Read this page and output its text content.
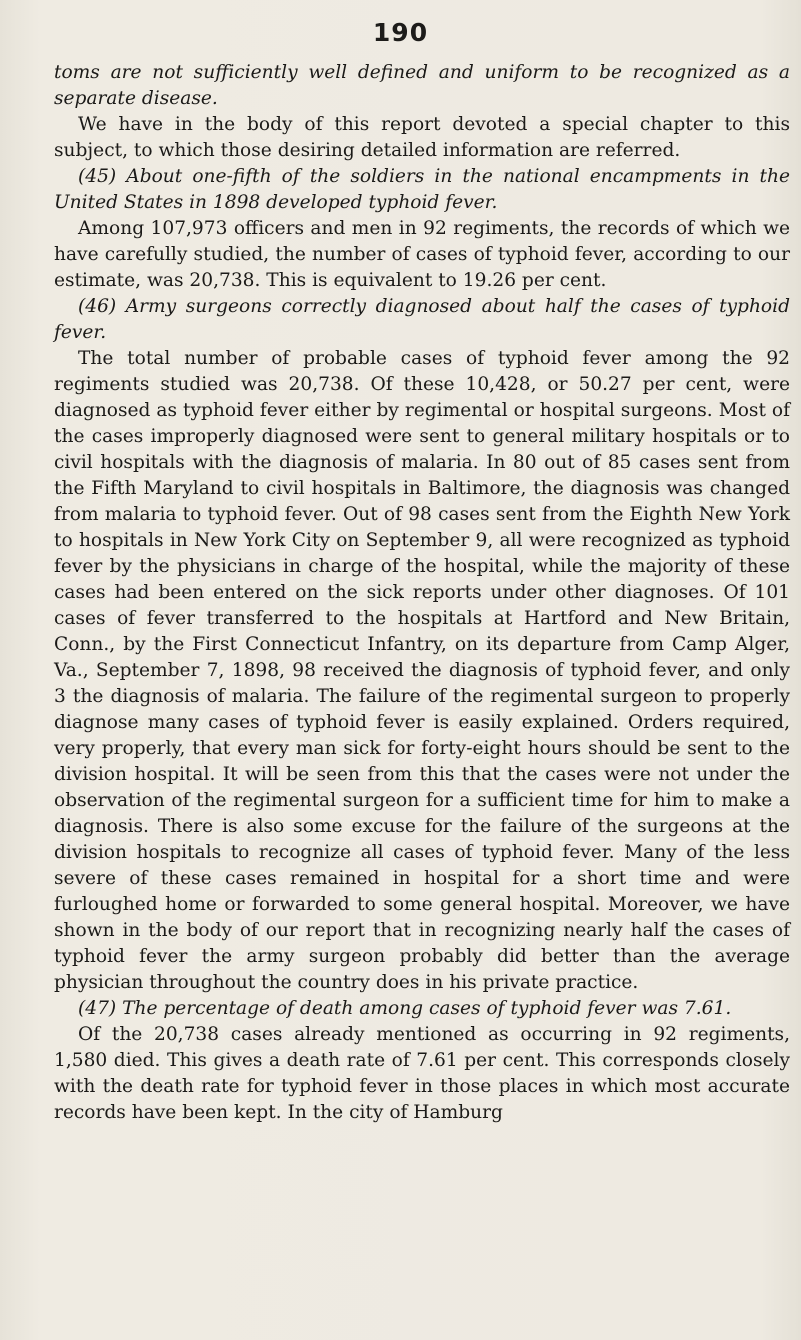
190

toms are not sufficiently well defined and uniform to be recognized as a separate disease.

We have in the body of this report devoted a special chapter to this subject, to which those desiring detailed information are referred.

(45) About one-fifth of the soldiers in the national encampments in the United States in 1898 developed typhoid fever.

Among 107,973 officers and men in 92 regiments, the records of which we have carefully studied, the number of cases of typhoid fever, according to our estimate, was 20,738. This is equivalent to 19.26 per cent.

(46) Army surgeons correctly diagnosed about half the cases of typhoid fever.

The total number of probable cases of typhoid fever among the 92 regiments studied was 20,738. Of these 10,428, or 50.27 per cent, were diagnosed as typhoid fever either by regimental or hospital surgeons. Most of the cases improperly diagnosed were sent to general military hospitals or to civil hospitals with the diagnosis of malaria. In 80 out of 85 cases sent from the Fifth Maryland to civil hospitals in Baltimore, the diagnosis was changed from malaria to typhoid fever. Out of 98 cases sent from the Eighth New York to hospitals in New York City on September 9, all were recognized as typhoid fever by the physicians in charge of the hospital, while the majority of these cases had been entered on the sick reports under other diagnoses. Of 101 cases of fever transferred to the hospitals at Hartford and New Britain, Conn., by the First Connecticut Infantry, on its departure from Camp Alger, Va., September 7, 1898, 98 received the diagnosis of typhoid fever, and only 3 the diagnosis of malaria. The failure of the regimental surgeon to properly diagnose many cases of typhoid fever is easily explained. Orders required, very properly, that every man sick for forty-eight hours should be sent to the division hospital. It will be seen from this that the cases were not under the observation of the regimental surgeon for a sufficient time for him to make a diagnosis. There is also some excuse for the failure of the surgeons at the division hospitals to recognize all cases of typhoid fever. Many of the less severe of these cases remained in hospital for a short time and were furloughed home or forwarded to some general hospital. Moreover, we have shown in the body of our report that in recognizing nearly half the cases of typhoid fever the army surgeon probably did better than the average physician throughout the country does in his private practice.

(47) The percentage of death among cases of typhoid fever was 7.61.

Of the 20,738 cases already mentioned as occurring in 92 regiments, 1,580 died. This gives a death rate of 7.61 per cent. This corresponds closely with the death rate for typhoid fever in those places in which most accurate records have been kept. In the city of Hamburg
